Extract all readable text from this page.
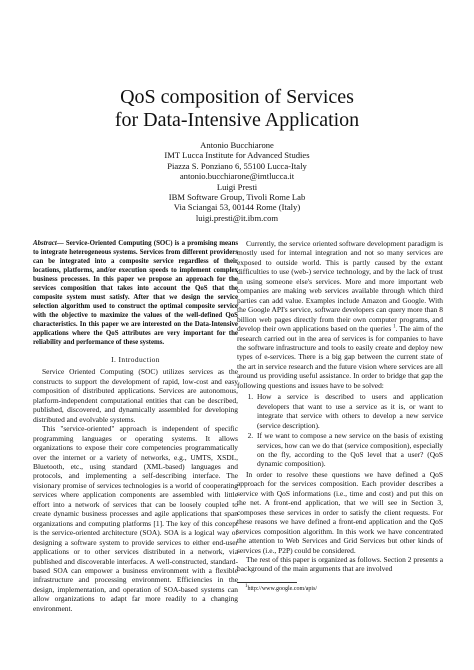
QoS composition of Services
for Data-Intensive Application
Antonio Bucchiarone
IMT Lucca Institute for Advanced Studies
Piazza S. Ponziano 6, 55100 Lucca-Italy
antonio.bucchiarone@imtlucca.it
Luigi Presti
IBM Software Group, Tivoli Rome Lab
Via Sciangai 53, 00144 Rome (Italy)
luigi.presti@it.ibm.com
Abstract— Service-Oriented Computing (SOC) is a promising means to integrate heterogeneous systems. Services from different providers can be integrated into a composite service regardless of their locations, platforms, and/or execution speeds to implement complex business processes. In this paper we propose an approach for the services composition that takes into account the QoS that the composite system must satisfy. After that we design the service selection algorithm used to construct the optimal composite service with the objective to maximize the values of the well-defined QoS characteristics. In this paper we are interested on the Data-Intensive applications where the QoS attributes are very important for the reliability and performance of these systems.
I. Introduction

Service Oriented Computing (SOC) utilizes services as the constructs to support the development of rapid, low-cost and easy composition of distributed applications. Services are autonomous, platform-independent computational entities that can be described, published, discovered, and dynamically assembled for developing distributed and evolvable systems.

This "service-oriented" approach is independent of specific programming languages or operating systems. It allows organizations to expose their core competencies programmatically over the internet or a variety of networks, e.g., UMTS, XSDL, Bluetooth, etc., using standard (XML-based) languages and protocols, and implementing a self-describing interface. The visionary promise of services technologies is a world of cooperating services where application components are assembled with little effort into a network of services that can be loosely coupled to create dynamic business processes and agile applications that span organizations and computing platforms [1]. The key of this concept is the service-oriented architecture (SOA). SOA is a logical way of designing a software system to provide services to either end-user applications or to other services distributed in a network, via published and discoverable interfaces. A well-constructed, standard-based SOA can empower a business environment with a flexible infrastructure and processing environment. Efficiencies in the design, implementation, and operation of SOA-based systems can allow organizations to adapt far more readily to a changing environment.

Currently, the service oriented software development paradigm is mostly used for internal integration and not so many services are exposed to outside world. This is partly caused by the extant difficulties to use (web-) service technology, and by the lack of trust in using someone else's services. More and more important web companies are making web services available through which third parties can add value. Examples include Amazon and Google. With the Google API's service, software developers can query more than 8 billion web pages directly from their own computer programs, and develop their own applications based on the queries $^1$. The aim of the research carried out in the area of services is for companies to have the software infrastructure and tools to easily create and deploy new types of e-services. There is a big gap between the current state of the art in service research and the future vision where services are all around us providing useful assistance. In order to bridge that gap the following questions and issues have to be solved:

1. How a service is described to users and application developers that want to use a service as it is, or want to integrate that service with others to develop a new service (service description).
2. If we want to compose a new service on the basis of existing services, how can we do that (service composition), especially on the fly, according to the QoS level that a user? (QoS dynamic composition).

In order to resolve these questions we have defined a QoS approach for the services composition. Each provider describes a service with QoS informations (i.e., time and cost) and put this on the net. A front-end application, that we will see in Section 3, composes these services in order to satisfy the client requests. For these reasons we have defined a front-end application and the QoS services composition algorithm. In this work we have concentrated the attention to Web Services and Grid Services but other kinds of services (i.e., P2P) could be considered.

The rest of this paper is organized as follows. Section 2 presents a background of the main arguments that are involved

$^1$http://www.google.com/apis/
